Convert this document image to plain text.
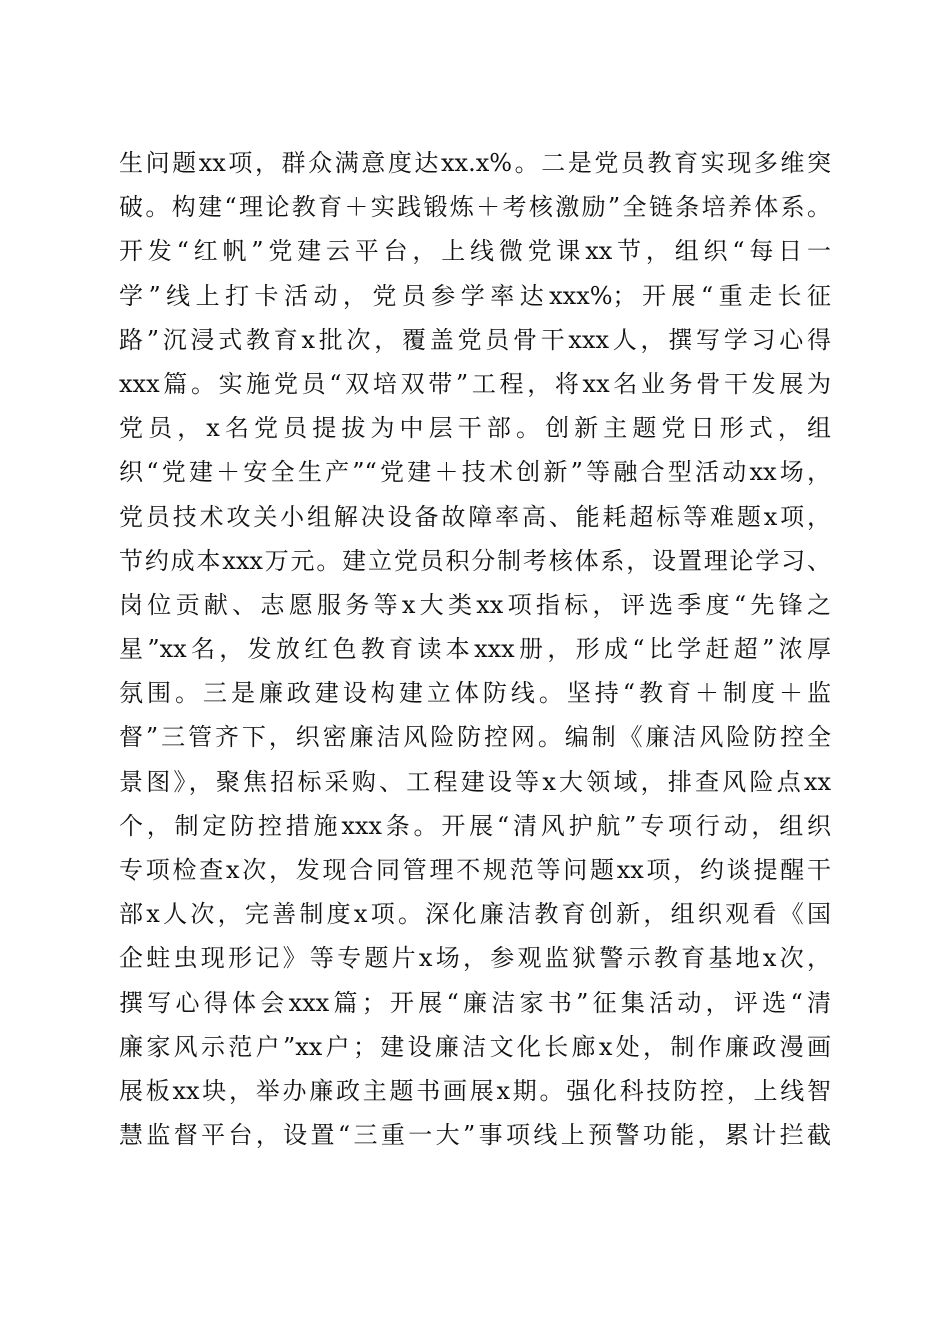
生问题xx项，群众满意度达xx.x%。二是党员教育实现多维突
破。构建“理论教育＋实践锻炼＋考核激励”全链条培养体系。
开发“红帆”党建云平台，上线微党课xx节，组织“每日一
学”线上打卡活动，党员参学率达xxx%；开展“重走长征
路”沉浸式教育x批次，覆盖党员骨干xxx人，撰写学习心得
xxx篇。实施党员“双培双带”工程，将xx名业务骨干发展为
党员，x名党员提拔为中层干部。创新主题党日形式，组
织“党建＋安全生产”“党建＋技术创新”等融合型活动xx场，
党员技术攻关小组解决设备故障率高、能耗超标等难题x项，
节约成本xxx万元。建立党员积分制考核体系，设置理论学习、
岗位贡献、志愿服务等x大类xx项指标，评选季度“先锋之
星”xx名，发放红色教育读本xxx册，形成“比学赶超”浓厚
氛围。三是廉政建设构建立体防线。坚持“教育＋制度＋监
督”三管齐下，织密廉洁风险防控网。编制《廉洁风险防控全
景图》，聚焦招标采购、工程建设等x大领域，排查风险点xx
个，制定防控措施xxx条。开展“清风护航”专项行动，组织
专项检查x次，发现合同管理不规范等问题xx项，约谈提醒干
部x人次，完善制度x项。深化廉洁教育创新，组织观看《国
企蛀虫现形记》等专题片x场，参观监狱警示教育基地x次，
撰写心得体会xxx篇；开展“廉洁家书”征集活动，评选“清
廉家风示范户”xx户；建设廉洁文化长廊x处，制作廉政漫画
展板xx块，举办廉政主题书画展x期。强化科技防控，上线智
慧监督平台，设置“三重一大”事项线上预警功能，累计拦截
